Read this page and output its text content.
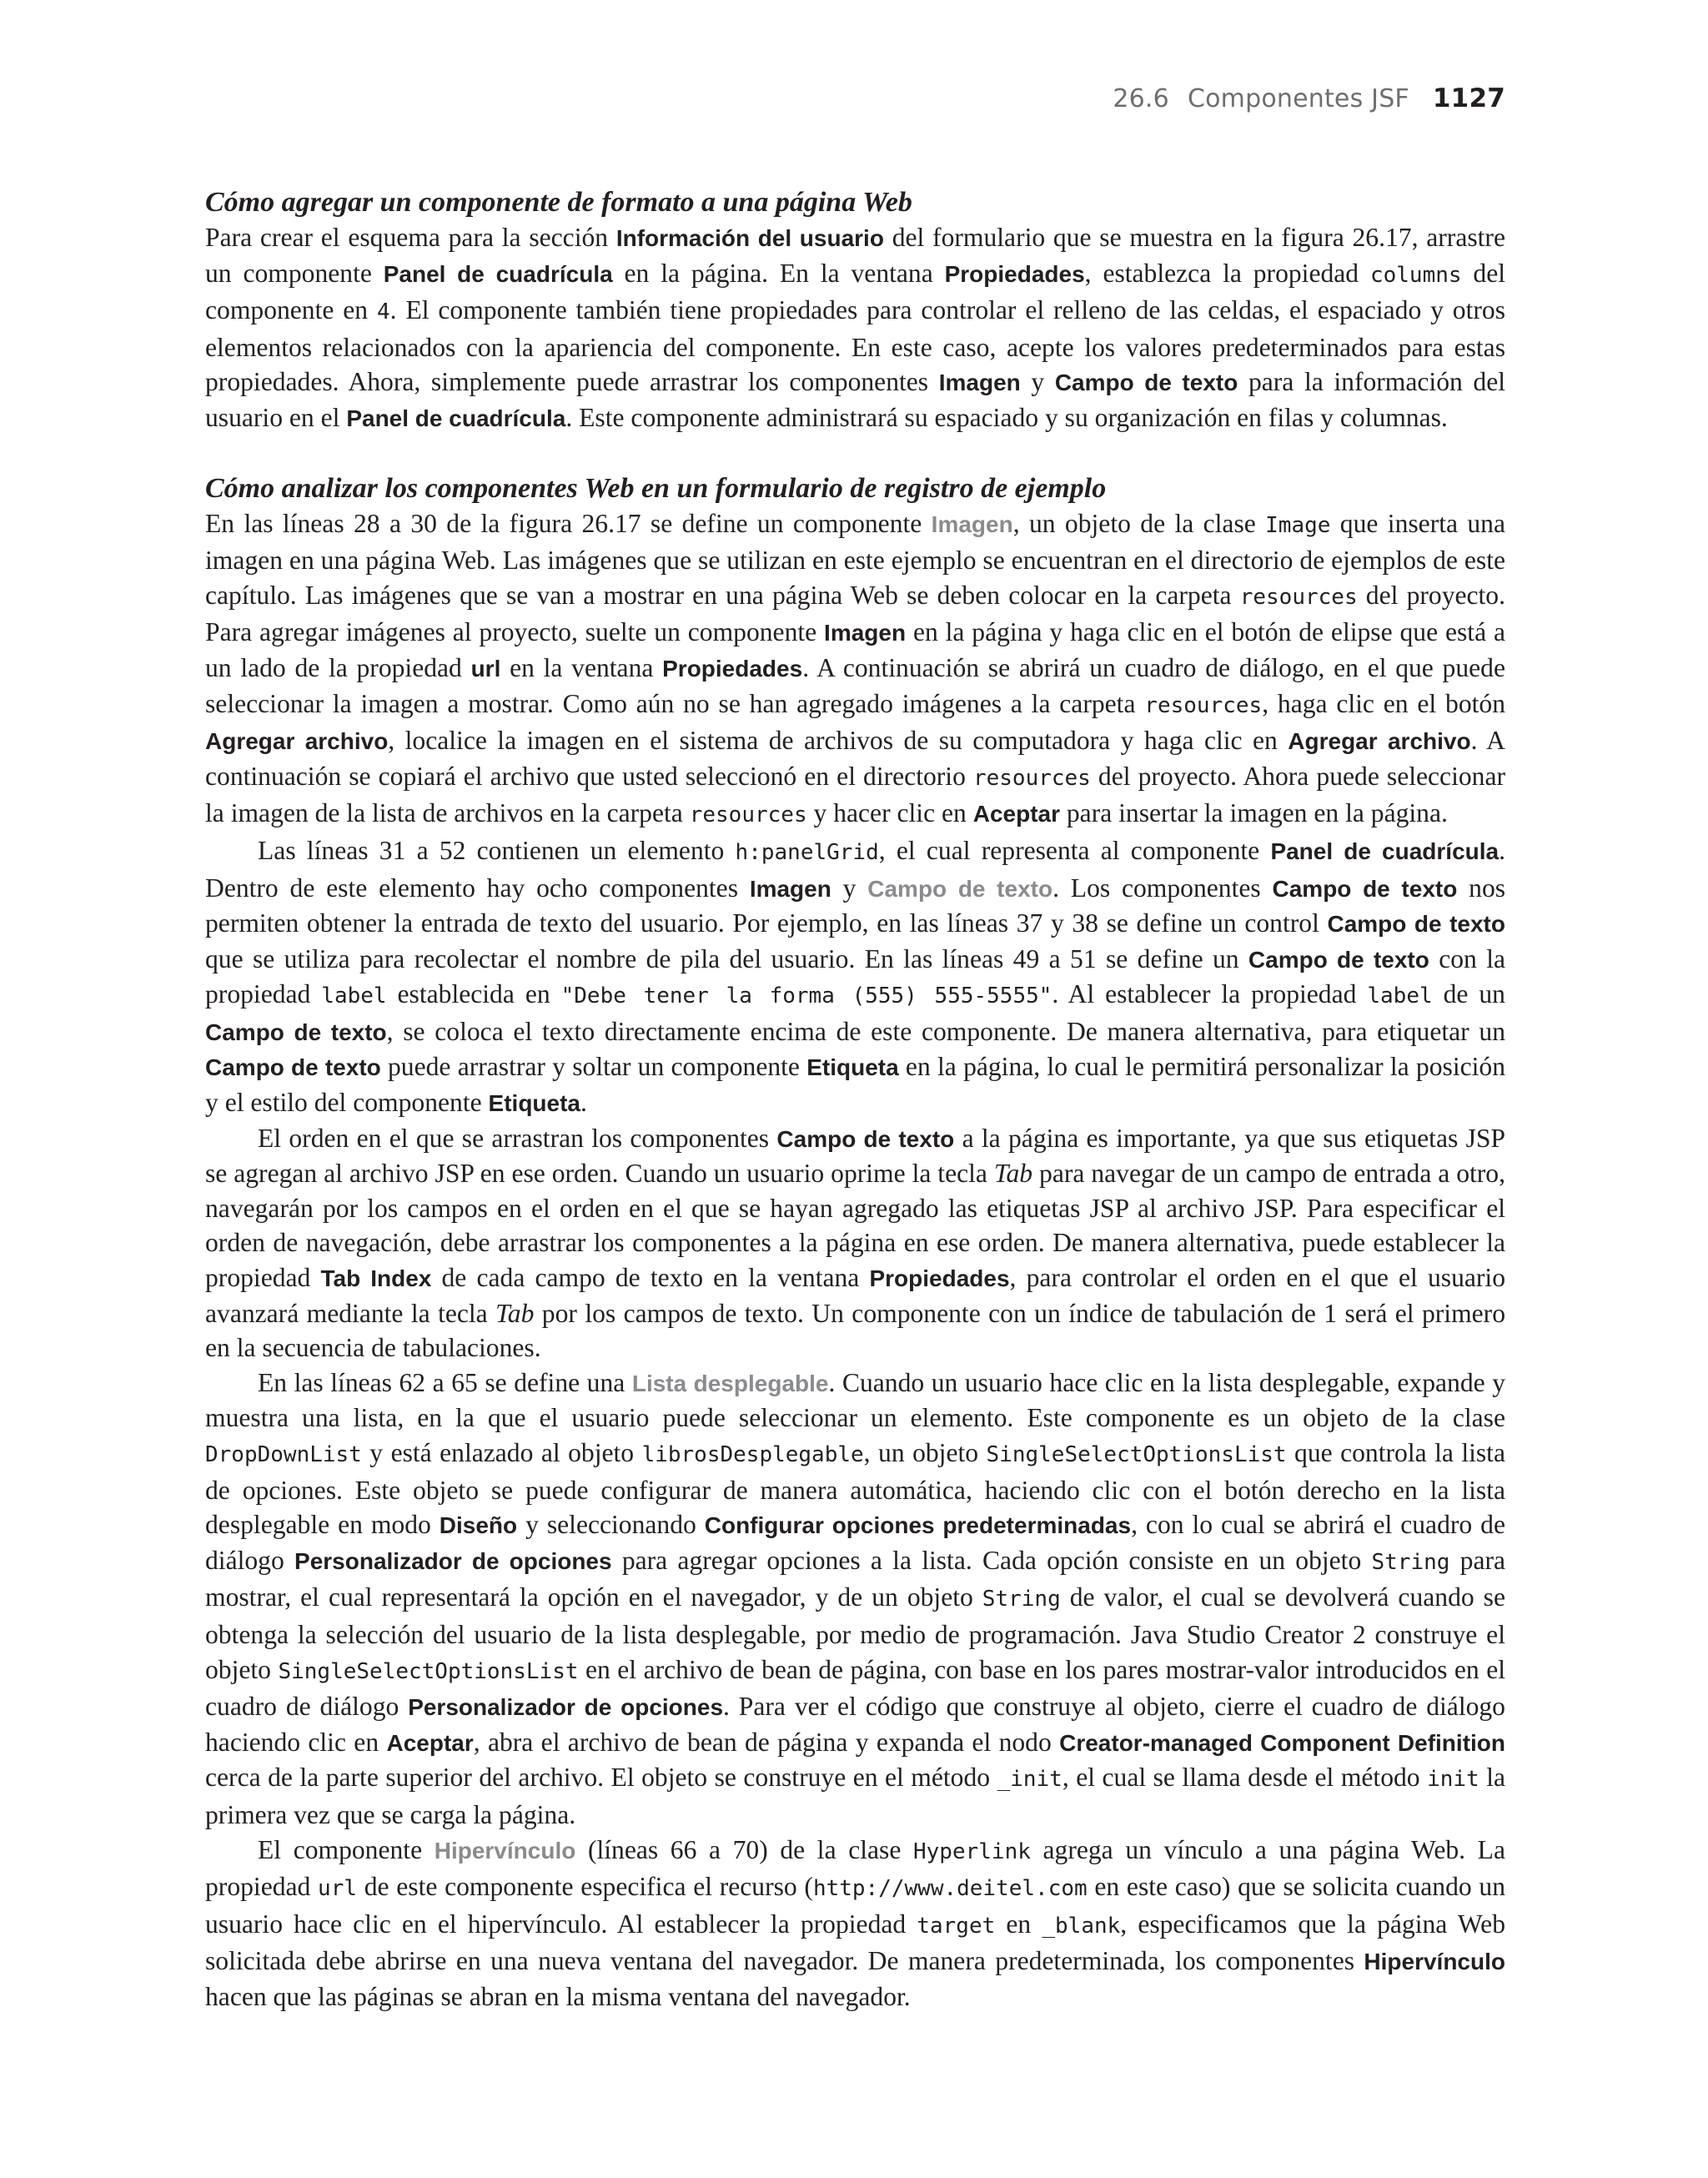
26.6 Componentes JSF 1127
Cómo agregar un componente de formato a una página Web

Para crear el esquema para la sección Información del usuario del formulario que se muestra en la figura 26.17, arrastre un componente Panel de cuadrícula en la página. En la ventana Propiedades, establezca la propiedad columns del componente en 4. El componente también tiene propiedades para controlar el relleno de las celdas, el espaciado y otros elementos relacionados con la apariencia del componente. En este caso, acepte los valores predeterminados para estas propiedades. Ahora, simplemente puede arrastrar los componentes Imagen y Campo de texto para la información del usuario en el Panel de cuadrícula. Este componente administrará su espaciado y su organización en filas y columnas.

Cómo analizar los componentes Web en un formulario de registro de ejemplo

En las líneas 28 a 30 de la figura 26.17 se define un componente Imagen, un objeto de la clase Image que inserta una imagen en una página Web. Las imágenes que se utilizan en este ejemplo se encuentran en el directorio de ejemplos de este capítulo. Las imágenes que se van a mostrar en una página Web se deben colocar en la carpeta resources del proyecto. Para agregar imágenes al proyecto, suelte un componente Imagen en la página y haga clic en el botón de elipse que está a un lado de la propiedad url en la ventana Propiedades. A continuación se abrirá un cuadro de diálogo, en el que puede seleccionar la imagen a mostrar. Como aún no se han agregado imágenes a la carpeta resources, haga clic en el botón Agregar archivo, localice la imagen en el sistema de archivos de su computadora y haga clic en Agregar archivo. A continuación se copiará el archivo que usted seleccionó en el directorio resources del proyecto. Ahora puede seleccionar la imagen de la lista de archivos en la carpeta resources y hacer clic en Aceptar para insertar la imagen en la página.

Las líneas 31 a 52 contienen un elemento h:panelGrid, el cual representa al componente Panel de cuadrícula. Dentro de este elemento hay ocho componentes Imagen y Campo de texto. Los componentes Campo de texto nos permiten obtener la entrada de texto del usuario. Por ejemplo, en las líneas 37 y 38 se define un control Campo de texto que se utiliza para recolectar el nombre de pila del usuario. En las líneas 49 a 51 se define un Campo de texto con la propiedad label establecida en "Debe tener la forma (555) 555-5555". Al establecer la propiedad label de un Campo de texto, se coloca el texto directamente encima de este componente. De manera alternativa, para etiquetar un Campo de texto puede arrastrar y soltar un componente Etiqueta en la página, lo cual le permitirá personalizar la posición y el estilo del componente Etiqueta.

El orden en el que se arrastran los componentes Campo de texto a la página es importante, ya que sus etiquetas JSP se agregan al archivo JSP en ese orden. Cuando un usuario oprime la tecla Tab para navegar de un campo de entrada a otro, navegarán por los campos en el orden en el que se hayan agregado las etiquetas JSP al archivo JSP. Para especificar el orden de navegación, debe arrastrar los componentes a la página en ese orden. De manera alternativa, puede establecer la propiedad Tab Index de cada campo de texto en la ventana Propiedades, para controlar el orden en el que el usuario avanzará mediante la tecla Tab por los campos de texto. Un componente con un índice de tabulación de 1 será el primero en la secuencia de tabulaciones.

En las líneas 62 a 65 se define una Lista desplegable. Cuando un usuario hace clic en la lista desplegable, expande y muestra una lista, en la que el usuario puede seleccionar un elemento. Este componente es un objeto de la clase DropDownList y está enlazado al objeto librosDesplegable, un objeto SingleSelectOptionsList que controla la lista de opciones. Este objeto se puede configurar de manera automática, haciendo clic con el botón derecho en la lista desplegable en modo Diseño y seleccionando Configurar opciones predeterminadas, con lo cual se abrirá el cuadro de diálogo Personalizador de opciones para agregar opciones a la lista. Cada opción consiste en un objeto String para mostrar, el cual representará la opción en el navegador, y de un objeto String de valor, el cual se devolverá cuando se obtenga la selección del usuario de la lista desplegable, por medio de programación. Java Studio Creator 2 construye el objeto SingleSelectOptionsList en el archivo de bean de página, con base en los pares mostrar-valor introducidos en el cuadro de diálogo Personalizador de opciones. Para ver el código que construye al objeto, cierre el cuadro de diálogo haciendo clic en Aceptar, abra el archivo de bean de página y expanda el nodo Creator-managed Component Definition cerca de la parte superior del archivo. El objeto se construye en el método _init, el cual se llama desde el método init la primera vez que se carga la página.

El componente Hipervínculo (líneas 66 a 70) de la clase Hyperlink agrega un vínculo a una página Web. La propiedad url de este componente especifica el recurso (http://www.deitel.com en este caso) que se solicita cuando un usuario hace clic en el hipervínculo. Al establecer la propiedad target en _blank, especificamos que la página Web solicitada debe abrirse en una nueva ventana del navegador. De manera predeterminada, los componentes Hipervínculo hacen que las páginas se abran en la misma ventana del navegador.
